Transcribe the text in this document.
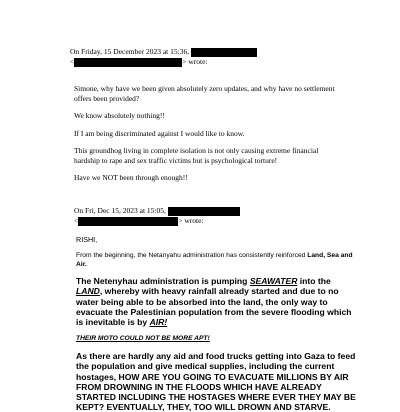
On Friday, 15 December 2023 at 15:36,
<	> wrote:

Simone, why have we been given absolutely zero updates, and why have no settlement offers been provided?

We know absolutely nothing!!

If I am being discriminated against I would like to know.

This groundhog living in complete isolation is not only causing extreme financial hardship to rape and sex traffic victims but is psychological torture!

Have we NOT been through enough!!

On Fri, Dec 15, 2023 at 15:05,
<	> wrote:
RISHI,
From the beginning, the Netanyahu administration has consistently reinforced Land, Sea and Air.
The Netenyhau administration is pumping SEAWATER into the LAND, whereby with heavy rainfall already started and due to no water being able to be absorbed into the land, the only way to evacuate the Palestinian population from the severe flooding which is inevitable is by AIR!
THEIR MOTO COULD NOT BE MORE APT!
As there are hardly any aid and food trucks getting into Gaza to feed the population and give medical supplies, including the current hostages, HOW ARE YOU GOING TO EVACUATE MILLIONS BY AIR FROM DROWNING IN THE FLOODS WHICH HAVE ALREADY STARTED INCLUDING THE HOSTAGES WHERE EVER THEY MAY BE KEPT? EVENTUALLY, THEY, TOO WILL DROWN AND STARVE.
